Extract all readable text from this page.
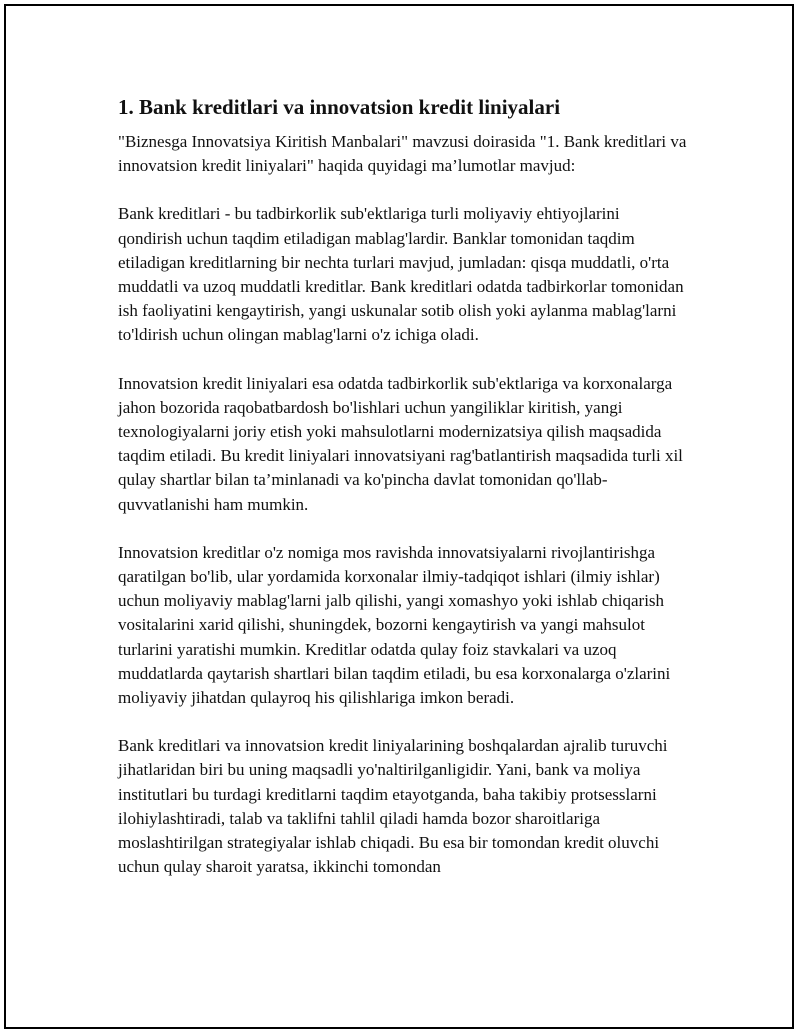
1. Bank kreditlari va innovatsion kredit liniyalari

"Biznesga Innovatsiya Kiritish Manbalari" mavzusi doirasida "1. Bank kreditlari va innovatsion kredit liniyalari" haqida quyidagi ma’lumotlar mavjud:

Bank kreditlari - bu tadbirkorlik sub'ektlariga turli moliyaviy ehtiyojlarini qondirish uchun taqdim etiladigan mablag'lardir. Banklar tomonidan taqdim etiladigan kreditlarning bir nechta turlari mavjud, jumladan: qisqa muddatli, o'rta muddatli va uzoq muddatli kreditlar. Bank kreditlari odatda tadbirkorlar tomonidan ish faoliyatini kengaytirish, yangi uskunalar sotib olish yoki aylanma mablag'larni to'ldirish uchun olingan mablag'larni o'z ichiga oladi.

Innovatsion kredit liniyalari esa odatda tadbirkorlik sub'ektlariga va korxonalarga jahon bozorida raqobatbardosh bo'lishlari uchun yangiliklar kiritish, yangi texnologiyalarni joriy etish yoki mahsulotlarni modernizatsiya qilish maqsadida taqdim etiladi. Bu kredit liniyalari innovatsiyani rag'batlantirish maqsadida turli xil qulay shartlar bilan ta’minlanadi va ko'pincha davlat tomonidan qo'llab-quvvatlanishi ham mumkin.

Innovatsion kreditlar o'z nomiga mos ravishda innovatsiyalarni rivojlantirishga qaratilgan bo'lib, ular yordamida korxonalar ilmiy-tadqiqot ishlari (ilmiy ishlar) uchun moliyaviy mablag'larni jalb qilishi, yangi xomashyo yoki ishlab chiqarish vositalarini xarid qilishi, shuningdek, bozorni kengaytirish va yangi mahsulot turlarini yaratishi mumkin. Kreditlar odatda qulay foiz stavkalari va uzoq muddatlarda qaytarish shartlari bilan taqdim etiladi, bu esa korxonalarga o'zlarini moliyaviy jihatdan qulayroq his qilishlariga imkon beradi.

Bank kreditlari va innovatsion kredit liniyalarining boshqalardan ajralib turuvchi jihatlaridan biri bu uning maqsadli yo'naltirilganligidir. Yani, bank va moliya institutlari bu turdagi kreditlarni taqdim etayotganda, baha takibiy protsesslarni ilohiylashtiradi, talab va taklifni tahlil qiladi hamda bozor sharoitlariga moslashtirilgan strategiyalar ishlab chiqadi. Bu esa bir tomondan kredit oluvchi uchun qulay sharoit yaratsa, ikkinchi tomondan
